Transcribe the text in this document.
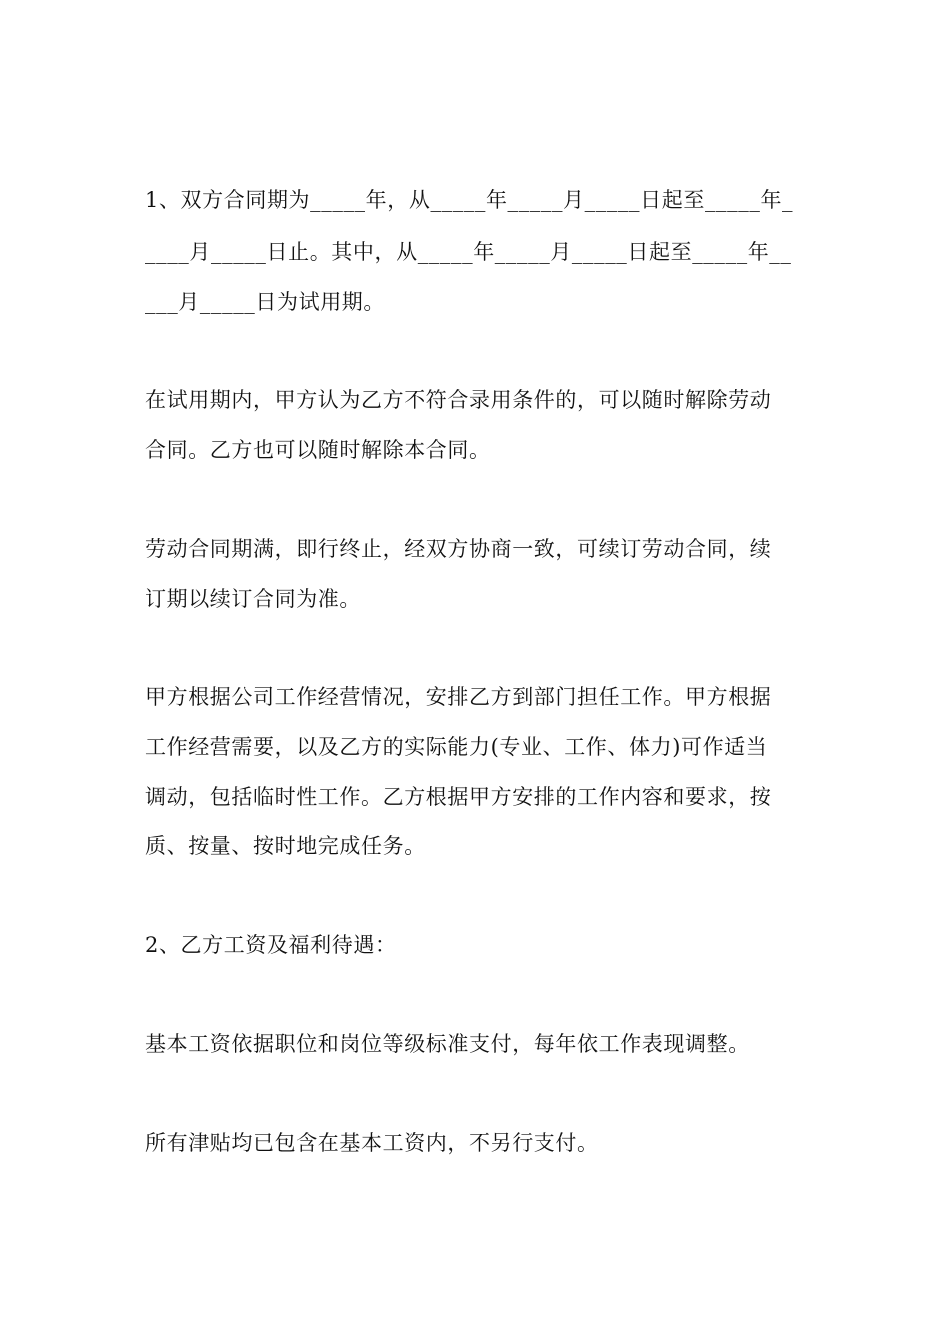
1、双方合同期为_____年，从_____年_____月_____日起至_____年_
____月_____日止。其中，从_____年_____月_____日起至_____年__
___月_____日为试用期。
在试用期内，甲方认为乙方不符合录用条件的，可以随时解除劳动
合同。乙方也可以随时解除本合同。
劳动合同期满，即行终止，经双方协商一致，可续订劳动合同，续
订期以续订合同为准。
甲方根据公司工作经营情况，安排乙方到部门担任工作。甲方根据
工作经营需要，以及乙方的实际能力(专业、工作、体力)可作适当
调动，包括临时性工作。乙方根据甲方安排的工作内容和要求，按
质、按量、按时地完成任务。
2、乙方工资及福利待遇：
基本工资依据职位和岗位等级标准支付，每年依工作表现调整。
所有津贴均已包含在基本工资内，不另行支付。
